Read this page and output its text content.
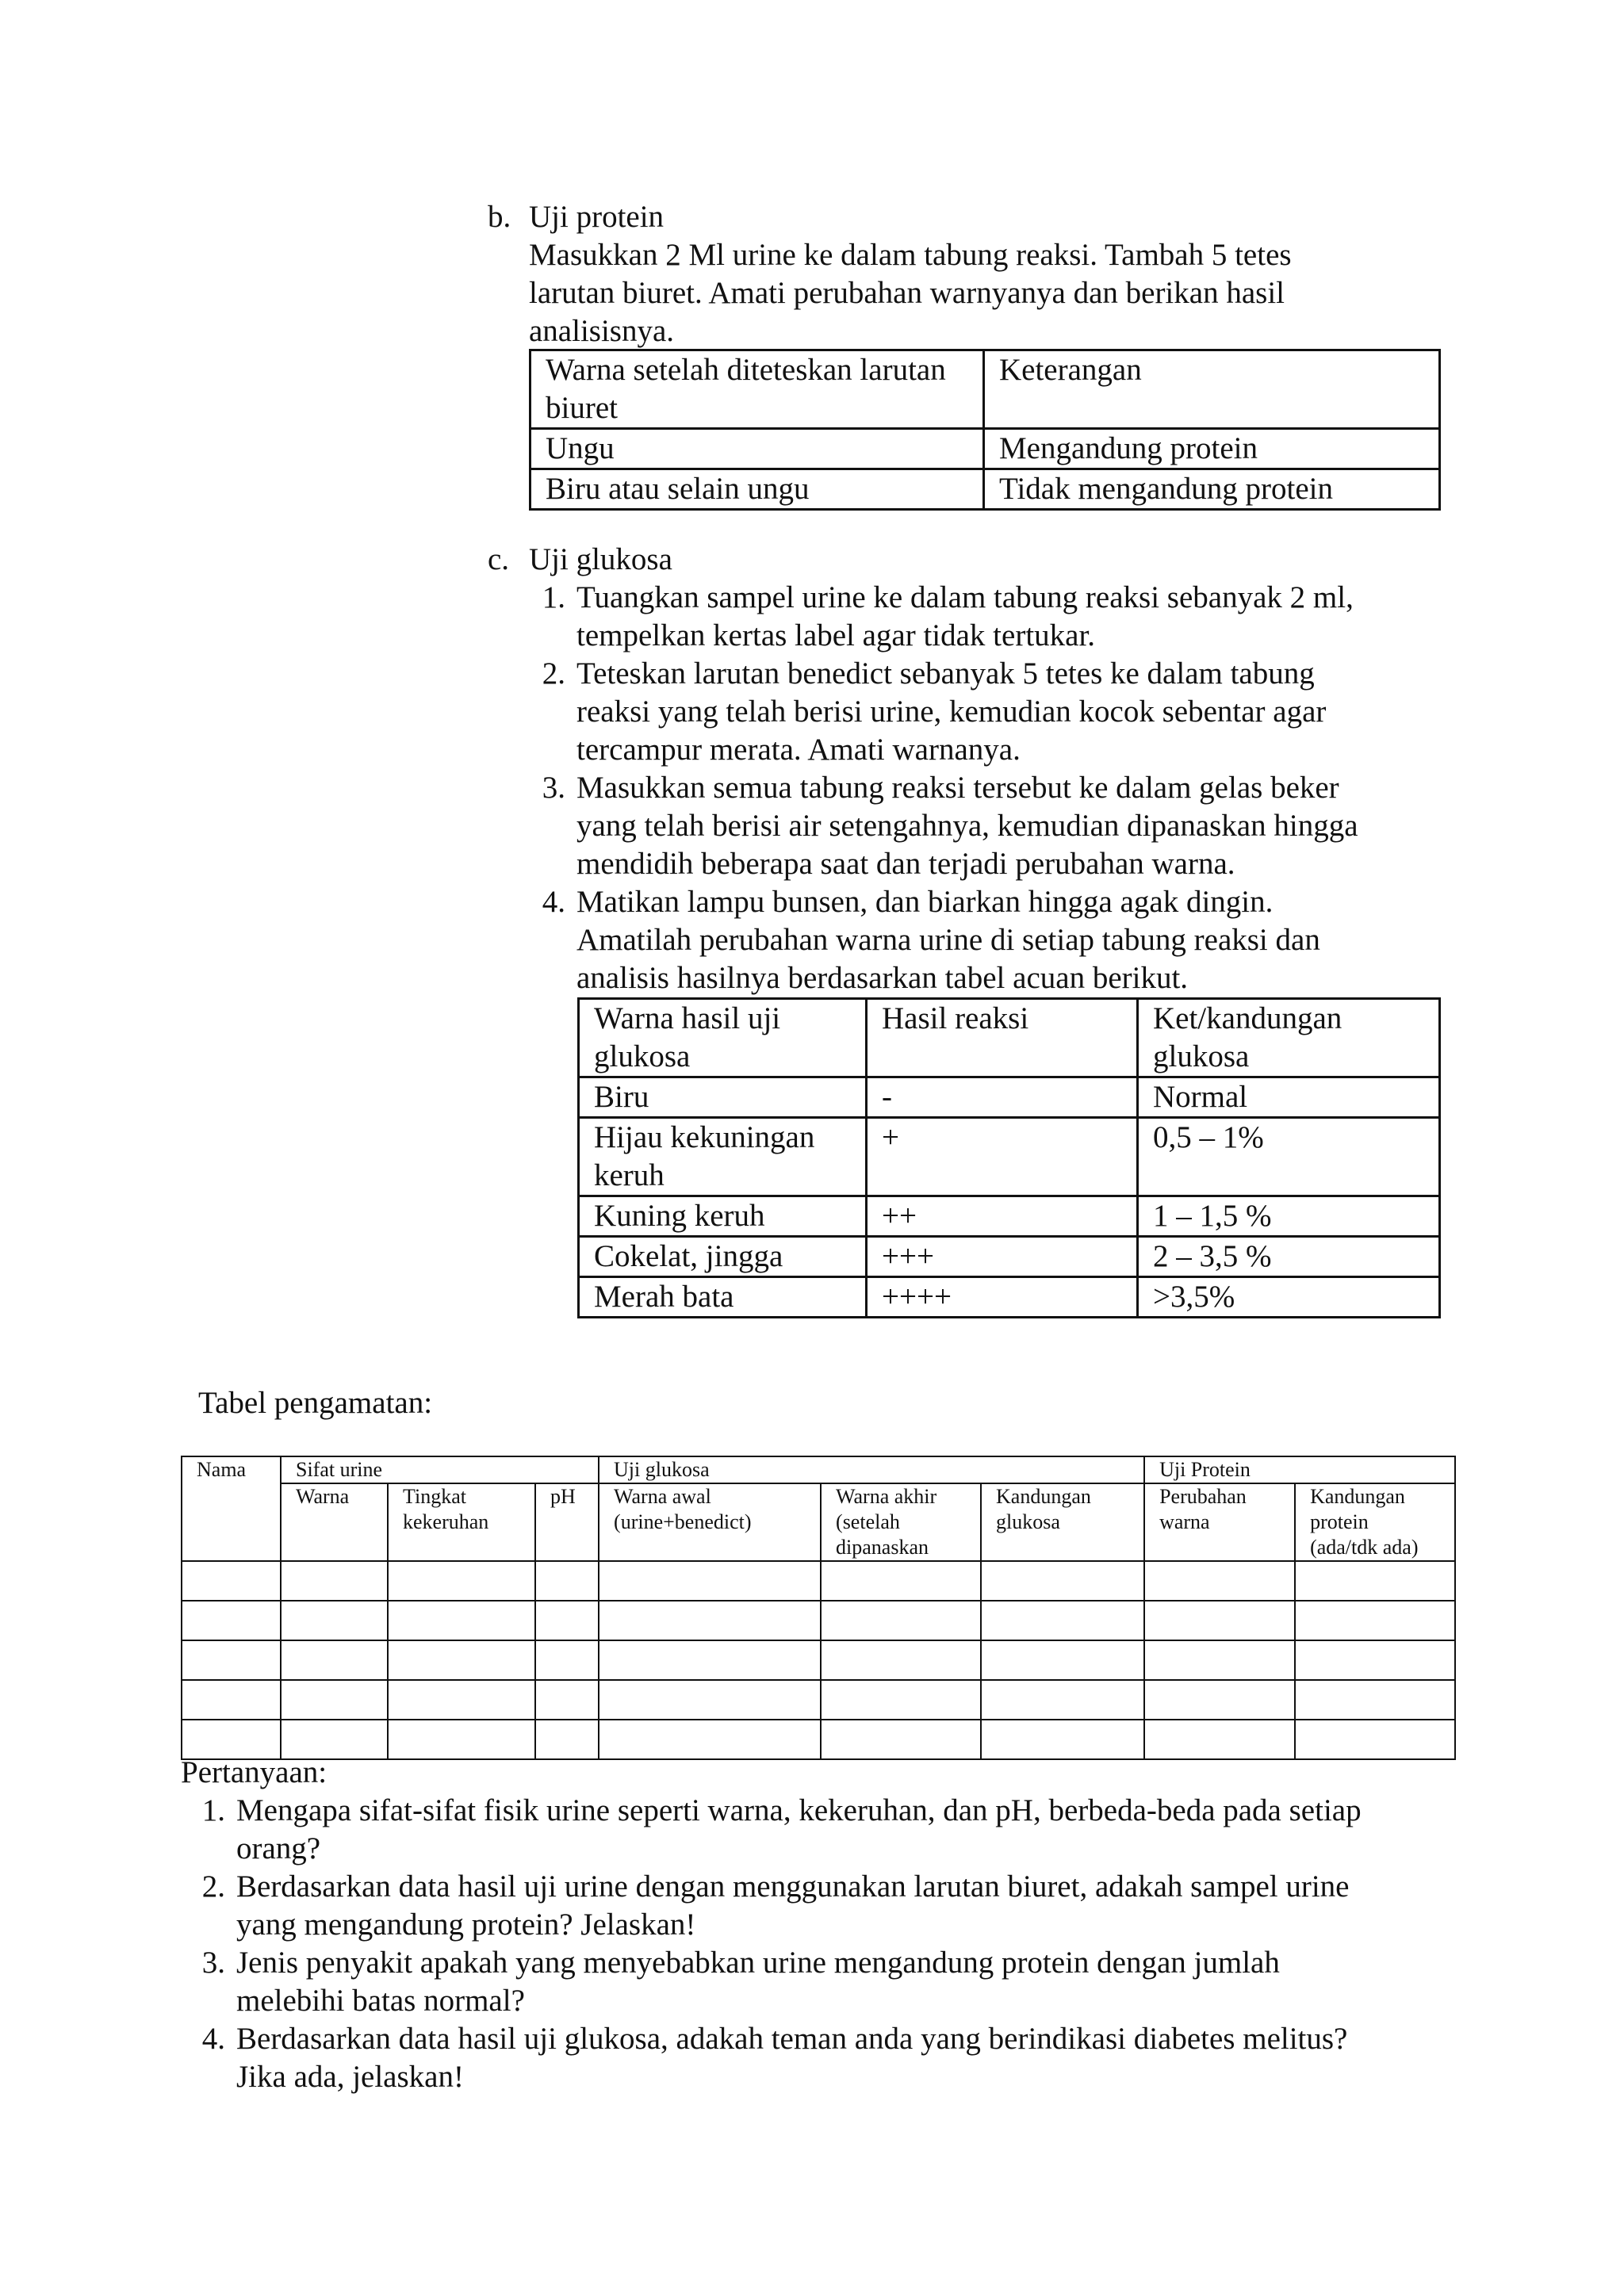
b. Uji protein

Masukkan 2 Ml urine ke dalam tabung reaksi. Tambah 5 tetes

larutan biuret. Amati perubahan warnyanya dan berikan hasil

analisisnya.

Warna setelah diteteskan larutan biuret	Keterangan
Ungu	Mengandung protein
Biru atau selain ungu	Tidak mengandung protein
c. Uji glukosa
1. Tuangkan sampel urine ke dalam tabung reaksi sebanyak 2 ml,
tempelkan kertas label agar tidak tertukar.
2. Teteskan larutan benedict sebanyak 5 tetes ke dalam tabung
reaksi yang telah berisi urine, kemudian kocok sebentar agar
tercampur merata. Amati warnanya.
3. Masukkan semua tabung reaksi tersebut ke dalam gelas beker
yang telah berisi air setengahnya, kemudian dipanaskan hingga
mendidih beberapa saat dan terjadi perubahan warna.
4. Matikan lampu bunsen, dan biarkan hingga agak dingin.
Amatilah perubahan warna urine di setiap tabung reaksi dan
analisis hasilnya berdasarkan tabel acuan berikut.
Warna hasil uji glukosa	Hasil reaksi	Ket/kandungan glukosa
Biru	-	Normal
Hijau kekuningan keruh	+	0,5 – 1%
Kuning keruh	++	1 – 1,5 %
Cokelat, jingga	+++	2 – 3,5 %
Merah bata	++++	>3,5%
Tabel pengamatan:
Nama	Sifat urine			Uji glukosa			Uji Protein	
	Warna	Tingkat kekeruhan	pH	Warna awal (urine+benedict)	Warna akhir (setelah dipanaskan	Kandungan glukosa	Perubahan warna	Kandungan protein (ada/tdk ada)

Pertanyaan:
1. Mengapa sifat-sifat fisik urine seperti warna, kekeruhan, dan pH, berbeda-beda pada setiap
orang?
2. Berdasarkan data hasil uji urine dengan menggunakan larutan biuret, adakah sampel urine
yang mengandung protein? Jelaskan!
3. Jenis penyakit apakah yang menyebabkan urine mengandung protein dengan jumlah
melebihi batas normal?
4. Berdasarkan data hasil uji glukosa, adakah teman anda yang berindikasi diabetes melitus?
Jika ada, jelaskan!
